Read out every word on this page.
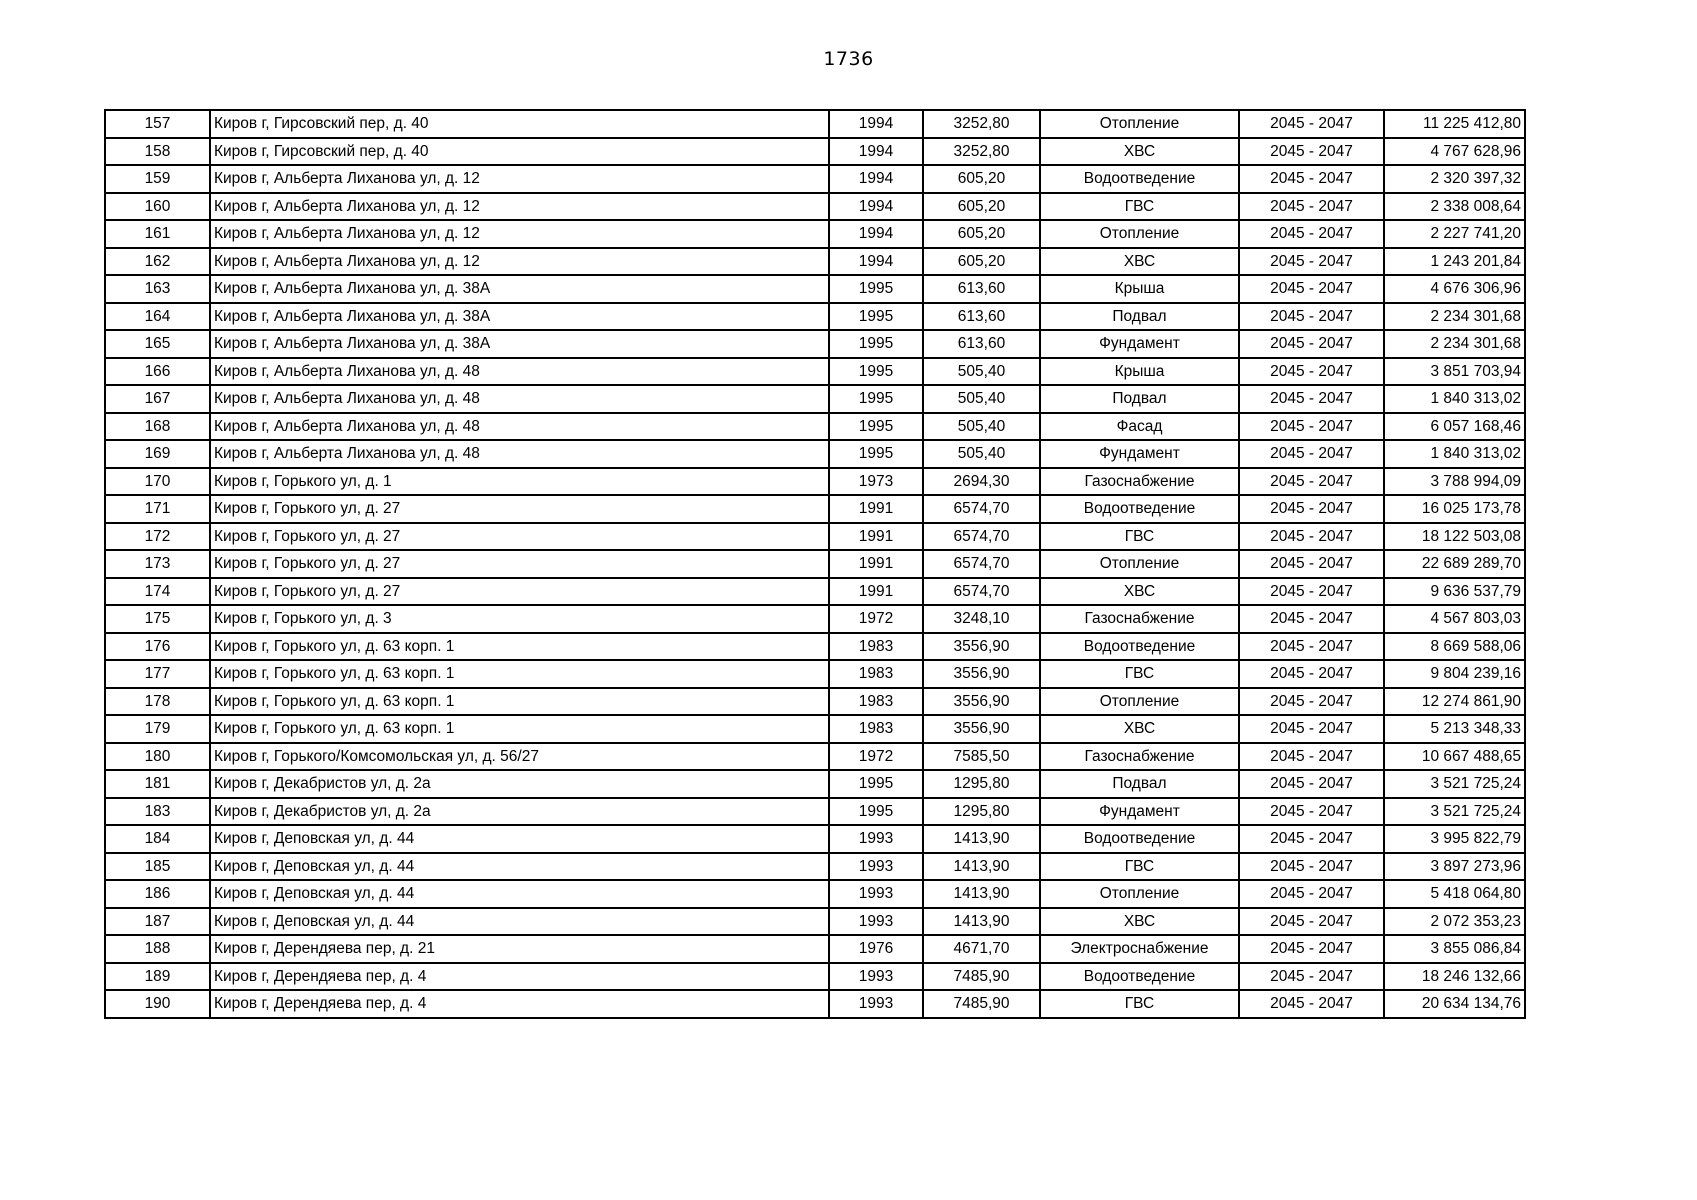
1736
157	Киров г, Гирсовский пер, д. 40	1994	3252,80	Отопление	2045 - 2047	11 225 412,80
158	Киров г, Гирсовский пер, д. 40	1994	3252,80	ХВС	2045 - 2047	4 767 628,96
159	Киров г, Альберта Лиханова ул, д. 12	1994	605,20	Водоотведение	2045 - 2047	2 320 397,32
160	Киров г, Альберта Лиханова ул, д. 12	1994	605,20	ГВС	2045 - 2047	2 338 008,64
161	Киров г, Альберта Лиханова ул, д. 12	1994	605,20	Отопление	2045 - 2047	2 227 741,20
162	Киров г, Альберта Лиханова ул, д. 12	1994	605,20	ХВС	2045 - 2047	1 243 201,84
163	Киров г, Альберта Лиханова ул, д. 38А	1995	613,60	Крыша	2045 - 2047	4 676 306,96
164	Киров г, Альберта Лиханова ул, д. 38А	1995	613,60	Подвал	2045 - 2047	2 234 301,68
165	Киров г, Альберта Лиханова ул, д. 38А	1995	613,60	Фундамент	2045 - 2047	2 234 301,68
166	Киров г, Альберта Лиханова ул, д. 48	1995	505,40	Крыша	2045 - 2047	3 851 703,94
167	Киров г, Альберта Лиханова ул, д. 48	1995	505,40	Подвал	2045 - 2047	1 840 313,02
168	Киров г, Альберта Лиханова ул, д. 48	1995	505,40	Фасад	2045 - 2047	6 057 168,46
169	Киров г, Альберта Лиханова ул, д. 48	1995	505,40	Фундамент	2045 - 2047	1 840 313,02
170	Киров г, Горького ул, д. 1	1973	2694,30	Газоснабжение	2045 - 2047	3 788 994,09
171	Киров г, Горького ул, д. 27	1991	6574,70	Водоотведение	2045 - 2047	16 025 173,78
172	Киров г, Горького ул, д. 27	1991	6574,70	ГВС	2045 - 2047	18 122 503,08
173	Киров г, Горького ул, д. 27	1991	6574,70	Отопление	2045 - 2047	22 689 289,70
174	Киров г, Горького ул, д. 27	1991	6574,70	ХВС	2045 - 2047	9 636 537,79
175	Киров г, Горького ул, д. 3	1972	3248,10	Газоснабжение	2045 - 2047	4 567 803,03
176	Киров г, Горького ул, д. 63 корп. 1	1983	3556,90	Водоотведение	2045 - 2047	8 669 588,06
177	Киров г, Горького ул, д. 63 корп. 1	1983	3556,90	ГВС	2045 - 2047	9 804 239,16
178	Киров г, Горького ул, д. 63 корп. 1	1983	3556,90	Отопление	2045 - 2047	12 274 861,90
179	Киров г, Горького ул, д. 63 корп. 1	1983	3556,90	ХВС	2045 - 2047	5 213 348,33
180	Киров г, Горького/Комсомольская ул, д. 56/27	1972	7585,50	Газоснабжение	2045 - 2047	10 667 488,65
181	Киров г, Декабристов ул, д. 2а	1995	1295,80	Подвал	2045 - 2047	3 521 725,24
183	Киров г, Декабристов ул, д. 2а	1995	1295,80	Фундамент	2045 - 2047	3 521 725,24
184	Киров г, Деповская ул, д. 44	1993	1413,90	Водоотведение	2045 - 2047	3 995 822,79
185	Киров г, Деповская ул, д. 44	1993	1413,90	ГВС	2045 - 2047	3 897 273,96
186	Киров г, Деповская ул, д. 44	1993	1413,90	Отопление	2045 - 2047	5 418 064,80
187	Киров г, Деповская ул, д. 44	1993	1413,90	ХВС	2045 - 2047	2 072 353,23
188	Киров г, Дерендяева пер, д. 21	1976	4671,70	Электроснабжение	2045 - 2047	3 855 086,84
189	Киров г, Дерендяева пер, д. 4	1993	7485,90	Водоотведение	2045 - 2047	18 246 132,66
190	Киров г, Дерендяева пер, д. 4	1993	7485,90	ГВС	2045 - 2047	20 634 134,76
